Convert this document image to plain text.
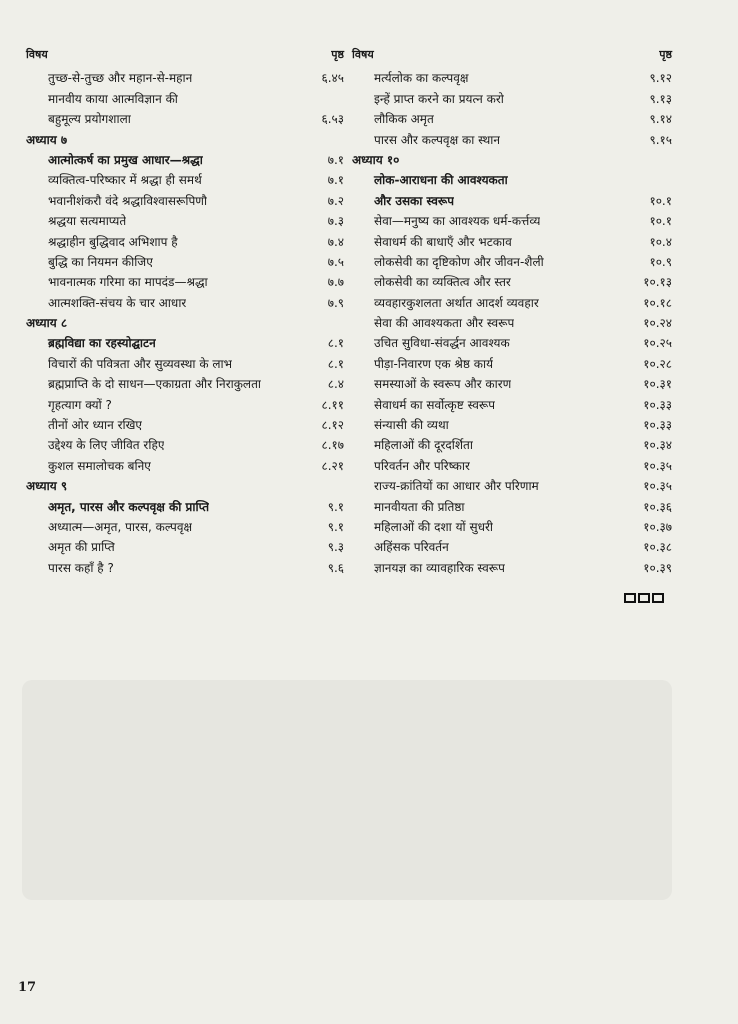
विषय	पृष्ठ
तुच्छ-से-तुच्छ और महान-से-महान	६.४५
मानवीय काया आत्मविज्ञान की
बहुमूल्य प्रयोगशाला	६.५३
अध्याय ७
आत्मोत्कर्ष का प्रमुख आधार—श्रद्धा	७.१
व्यक्तित्व-परिष्कार में श्रद्धा ही समर्थ	७.१
भवानीशंकरौ वंदे श्रद्धाविश्वासरूपिणौ	७.२
श्रद्धया सत्यमाप्यते	७.३
श्रद्धाहीन बुद्धिवाद अभिशाप है	७.४
बुद्धि का नियमन कीजिए	७.५
भावनात्मक गरिमा का मापदंड—श्रद्धा	७.७
आत्मशक्ति-संचय के चार आधार	७.९
अध्याय ८
ब्रह्मविद्या का रहस्योद्घाटन	८.१
विचारों की पवित्रता और सुव्यवस्था के लाभ	८.१
ब्रह्मप्राप्ति के दो साधन—एकाग्रता और निराकुलता	८.४
गृहत्याग क्यों ?	८.११
तीनों ओर ध्यान रखिए	८.१२
उद्देश्य के लिए जीवित रहिए	८.१७
कुशल समालोचक बनिए	८.२१
अध्याय ९
अमृत, पारस और कल्पवृक्ष की प्राप्ति	९.१
अध्यात्म—अमृत, पारस, कल्पवृक्ष	९.१
अमृत की प्राप्ति	९.३
पारस कहाँ है ?	९.६
विषय	पृष्ठ
मर्त्यलोक का कल्पवृक्ष	९.१२
इन्हें प्राप्त करने का प्रयत्न करो	९.१३
लौकिक अमृत	९.१४
पारस और कल्पवृक्ष का स्थान	९.१५
अध्याय १०
लोक-आराधना की आवश्यकता
और उसका स्वरूप	१०.१
सेवा—मनुष्य का आवश्यक धर्म-कर्त्तव्य	१०.१
सेवाधर्म की बाधाएँ और भटकाव	१०.४
लोकसेवी का दृष्टिकोण और जीवन-शैली	१०.९
लोकसेवी का व्यक्तित्व और स्तर	१०.१३
व्यवहारकुशलता अर्थात आदर्श व्यवहार	१०.१८
सेवा की आवश्यकता और स्वरूप	१०.२४
उचित सुविधा-संवर्द्धन आवश्यक	१०.२५
पीड़ा-निवारण एक श्रेष्ठ कार्य	१०.२८
समस्याओं के स्वरूप और कारण	१०.३१
सेवाधर्म का सर्वोत्कृष्ट स्वरूप	१०.३३
संन्यासी की व्यथा	१०.३३
महिलाओं की दूरदर्शिता	१०.३४
परिवर्तन और परिष्कार	१०.३५
राज्य-क्रांतियों का आधार और परिणाम	१०.३५
मानवीयता की प्रतिष्ठा	१०.३६
महिलाओं की दशा यों सुधरी	१०.३७
अहिंसक परिवर्तन	१०.३८
ज्ञानयज्ञ का व्यावहारिक स्वरूप	१०.३९
17
